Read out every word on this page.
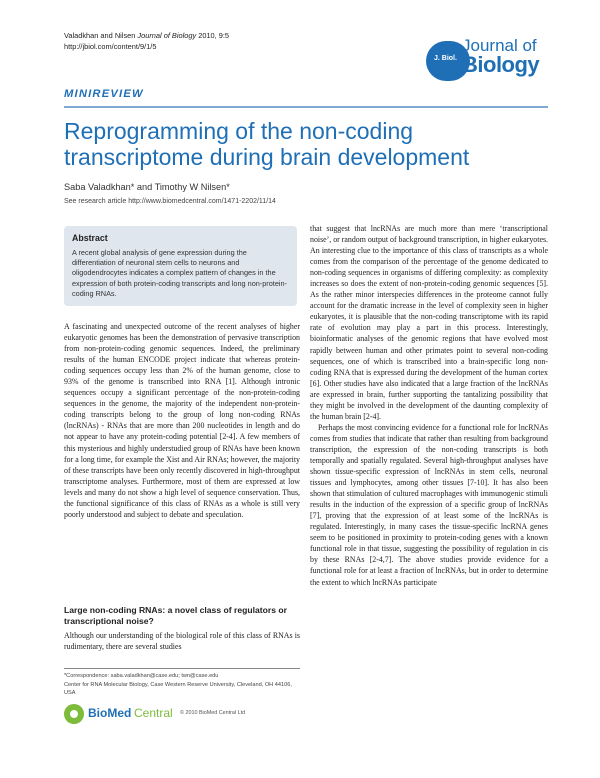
Valadkhan and Nilsen Journal of Biology 2010, 9:5
http://jbiol.com/content/9/1/5
J. Biol.
Journal of
Biology
MINIREVIEW
Reprogramming of the non-coding transcriptome during brain development
Saba Valadkhan* and Timothy W Nilsen*
See research article http://www.biomedcentral.com/1471-2202/11/14
Abstract
A recent global analysis of gene expression during the differentiation of neuronal stem cells to neurons and oligodendrocytes indicates a complex pattern of changes in the expression of both protein-coding transcripts and long non-protein-coding RNAs.

A fascinating and unexpected outcome of the recent analyses of higher eukaryotic genomes has been the demonstration of pervasive transcription from non-protein-coding genomic sequences. Indeed, the preliminary results of the human ENCODE project indicate that whereas protein-coding sequences occupy less than 2% of the human genome, close to 93% of the genome is transcribed into RNA [1]. Although intronic sequences occupy a significant percentage of the non-protein-coding sequences in the genome, the majority of the independent non-protein-coding transcripts belong to the group of long non-coding RNAs (lncRNAs) - RNAs that are more than 200 nucleotides in length and do not appear to have any protein-coding potential [2-4]. A few members of this mysterious and highly understudied group of RNAs have been known for a long time, for example the Xist and Air RNAs; however, the majority of these transcripts have been only recently discovered in high-throughput transcriptome analyses. Furthermore, most of them are expressed at low levels and many do not show a high level of sequence conservation. Thus, the functional significance of this class of RNAs as a whole is still very poorly understood and subject to debate and speculation.

Large non-coding RNAs: a novel class of regulators or transcriptional noise?

Although our understanding of the biological role of this class of RNAs is rudimentary, there are several studies

that suggest that lncRNAs are much more than mere ‘transcriptional noise’, or random output of background transcription, in higher eukaryotes. An interesting clue to the importance of this class of transcripts as a whole comes from the comparison of the percentage of the genome dedicated to non-coding sequences in organisms of differing complexity: as complexity increases so does the extent of non-protein-coding genomic sequences [5]. As the rather minor interspecies differences in the proteome cannot fully account for the dramatic increase in the level of complexity seen in higher eukaryotes, it is plausible that the non-coding transcriptome with its rapid rate of evolution may play a part in this process. Interestingly, bioinformatic analyses of the genomic regions that have evolved most rapidly between human and other primates point to several non-coding sequences, one of which is transcribed into a brain-specific long non-coding RNA that is expressed during the development of the human cortex [6]. Other studies have also indicated that a large fraction of the lncRNAs are expressed in brain, further supporting the tantalizing possibility that they might be involved in the development of the daunting complexity of the human brain [2-4].

Perhaps the most convincing evidence for a functional role for lncRNAs comes from studies that indicate that rather than resulting from background transcription, the expression of the non-coding transcripts is both temporally and spatially regulated. Several high-throughput analyses have shown tissue-specific expression of lncRNAs in stem cells, neuronal tissues and lymphocytes, among other tissues [7-10]. It has also been shown that stimulation of cultured macrophages with immunogenic stimuli results in the induction of the expression of a specific group of lncRNAs [7], proving that the expression of at least some of the lncRNAs is regulated. Interestingly, in many cases the tissue-specific lncRNA genes seem to be positioned in proximity to protein-coding genes with a known functional role in that tissue, suggesting the possibility of regulation in cis by these RNAs [2-4,7]. The above studies provide evidence for a functional role for at least a fraction of lncRNAs, but in order to determine the extent to which lncRNAs participate

*Correspondence: saba.valadkhan@case.edu; twn@case.edu
Center for RNA Molecular Biology, Case Western Reserve University, Cleveland, OH 44106, USA
BioMed Central © 2010 BioMed Central Ltd
